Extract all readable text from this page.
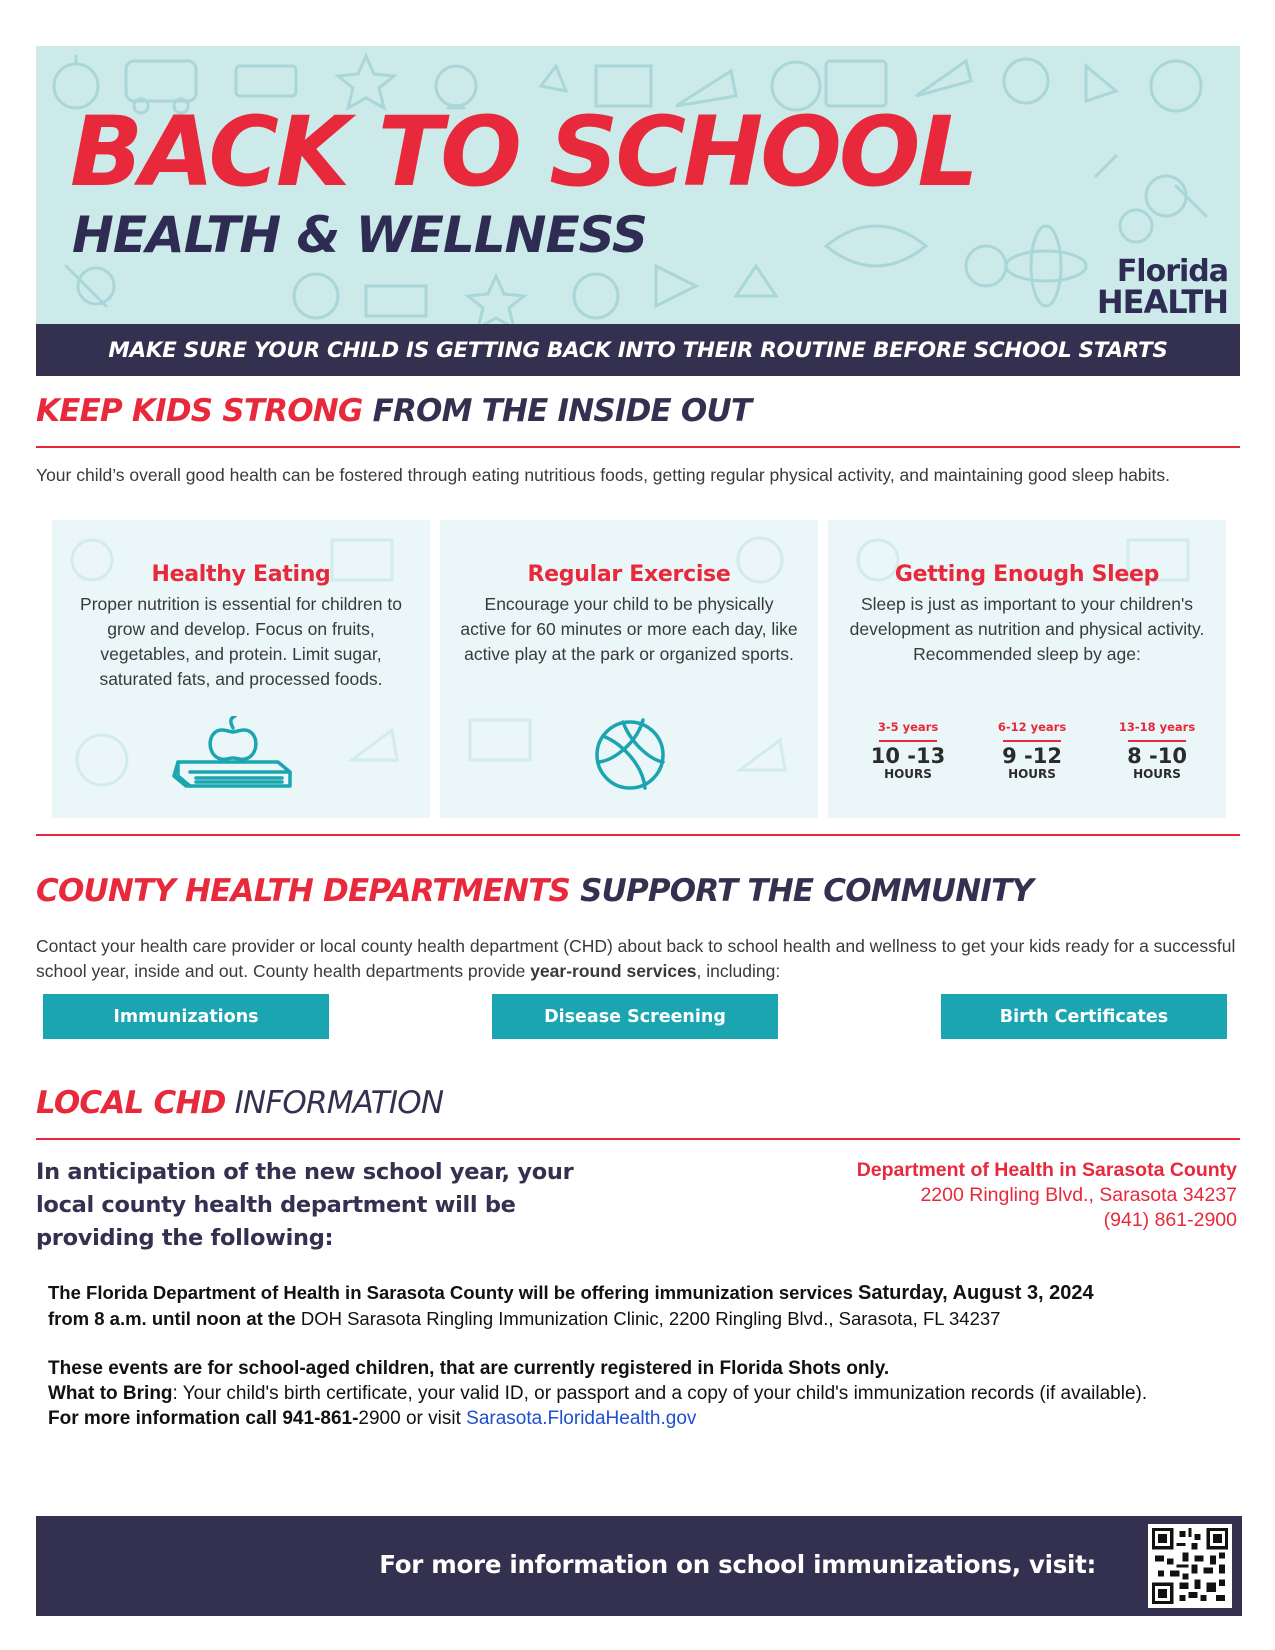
BACK TO SCHOOL
HEALTH & WELLNESS
Florida
HEALTH
MAKE SURE YOUR CHILD IS GETTING BACK INTO THEIR ROUTINE BEFORE SCHOOL STARTS
KEEP KIDS STRONG FROM THE INSIDE OUT
Your child’s overall good health can be fostered through eating nutritious foods, getting regular physical activity, and maintaining good sleep habits.
Healthy Eating
Proper nutrition is essential for children to grow and develop. Focus on fruits, vegetables, and protein. Limit sugar, saturated fats, and processed foods.
Regular Exercise
Encourage your child to be physically active for 60 minutes or more each day, like active play at the park or organized sports.
Getting Enough Sleep
Sleep is just as important to your children's development as nutrition and physical activity. Recommended sleep by age:
3-5 years
10 -13
HOURS
6-12 years
9 -12
HOURS
13-18 years
8 -10
HOURS
COUNTY HEALTH DEPARTMENTS SUPPORT THE COMMUNITY
Contact your health care provider or local county health department (CHD) about back to school health and wellness to get your kids ready for a successful school year, inside and out. County health departments provide year-round services, including:
Immunizations	Disease Screening	Birth Certificates
LOCAL CHD INFORMATION
In anticipation of the new school year, your local county health department will be providing the following:
Department of Health in Sarasota County
2200 Ringling Blvd., Sarasota 34237
(941) 861-2900
The Florida Department of Health in Sarasota County will be offering immunization services Saturday, August 3, 2024
from 8 a.m. until noon at the DOH Sarasota Ringling Immunization Clinic, 2200 Ringling Blvd., Sarasota, FL 34237
These events are for school-aged children, that are currently registered in Florida Shots only.
What to Bring: Your child's birth certificate, your valid ID, or passport and a copy of your child's immunization records (if available).
For more information call 941-861-2900 or visit Sarasota.FloridaHealth.gov
For more information on school immunizations, visit:
